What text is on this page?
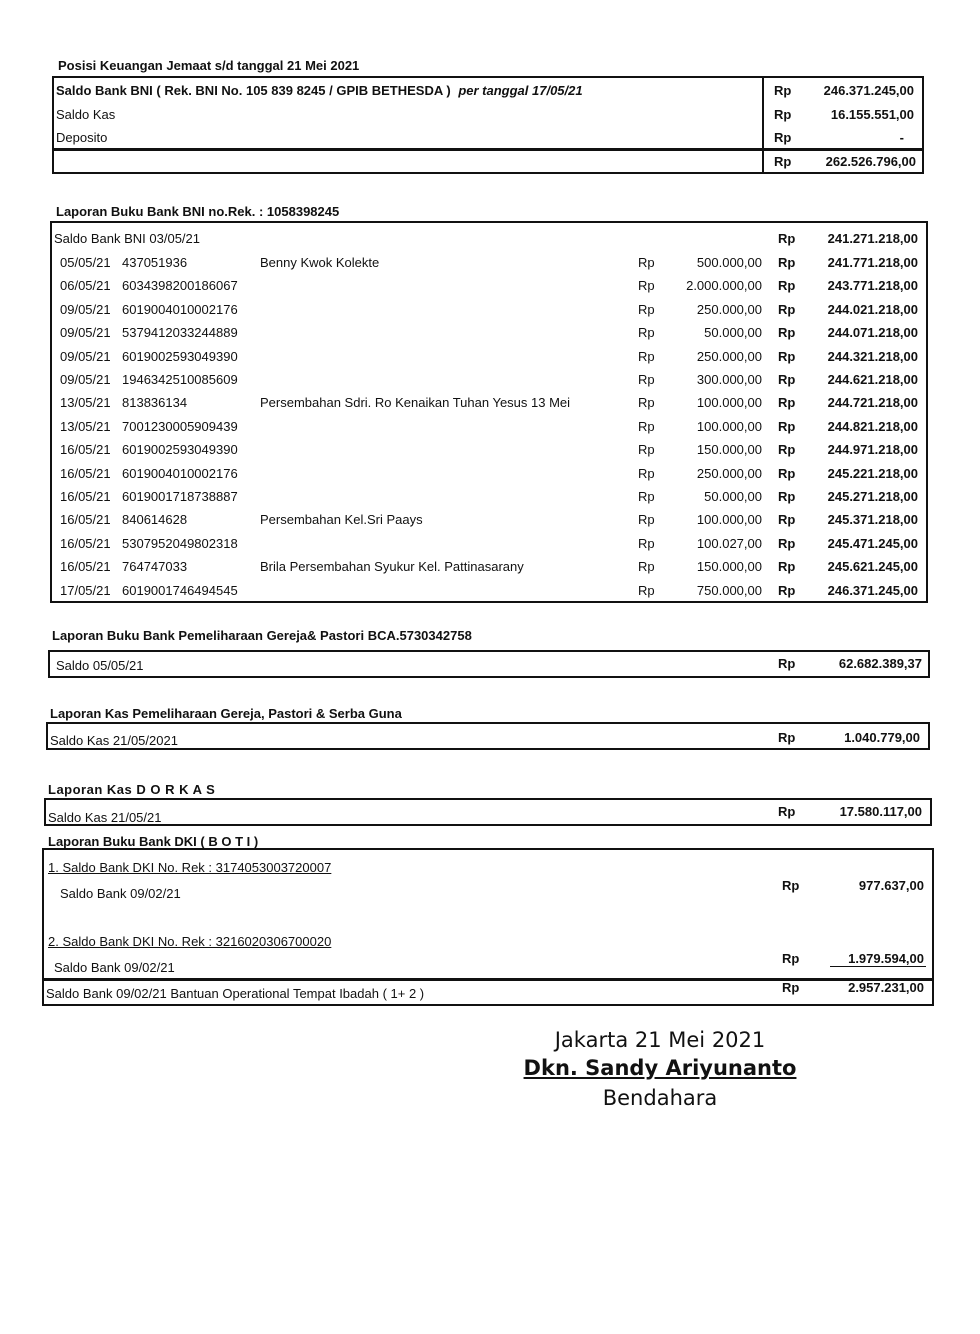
Posisi Keuangan Jemaat s/d tanggal 21 Mei 2021
Saldo Bank BNI ( Rek. BNI No. 105 839 8245 / GPIB BETHESDA ) per tanggal 17/05/21	Rp	246.371.245,00
Saldo Kas	Rp	16.155.551,00
Deposito	Rp	-
Rp	262.526.796,00
Laporan Buku Bank BNI no.Rek. : 1058398245
Saldo Bank BNI 03/05/21	Rp	241.271.218,00
05/05/21 437051936	Benny Kwok Kolekte	Rp	500.000,00 Rp	241.771.218,00
06/05/21 6034398200186067	Rp	2.000.000,00 Rp	243.771.218,00
09/05/21 6019004010002176	Rp	250.000,00 Rp	244.021.218,00
09/05/21 5379412033244889	Rp	50.000,00 Rp	244.071.218,00
09/05/21 6019002593049390	Rp	250.000,00 Rp	244.321.218,00
09/05/21 1946342510085609	Rp	300.000,00 Rp	244.621.218,00
13/05/21 813836134	Persembahan Sdri. Ro Kenaikan Tuhan Yesus 13 Mei	Rp	100.000,00 Rp	244.721.218,00
13/05/21 7001230005909439	Rp	100.000,00 Rp	244.821.218,00
16/05/21 6019002593049390	Rp	150.000,00 Rp	244.971.218,00
16/05/21 6019004010002176	Rp	250.000,00 Rp	245.221.218,00
16/05/21 6019001718738887	Rp	50.000,00 Rp	245.271.218,00
16/05/21 840614628	Persembahan Kel.Sri Paays	Rp	100.000,00 Rp	245.371.218,00
16/05/21 5307952049802318	Rp	100.027,00 Rp	245.471.245,00
16/05/21 764747033	Brila Persembahan Syukur Kel. Pattinasarany	Rp	150.000,00 Rp	245.621.245,00
17/05/21 6019001746494545	Rp	750.000,00 Rp	246.371.245,00
Laporan Buku Bank Pemeliharaan Gereja& Pastori BCA.5730342758
Saldo 05/05/21	Rp	62.682.389,37
Laporan Kas Pemeliharaan Gereja, Pastori & Serba Guna
Saldo Kas 21/05/2021	Rp	1.040.779,00
Laporan Kas D O R K A S
Saldo Kas 21/05/21	Rp	17.580.117,00
Laporan Buku Bank DKI ( B O T I )
1. Saldo Bank DKI No. Rek : 3174053003720007
Saldo Bank 09/02/21
Rp	977.637,00
2. Saldo Bank DKI No. Rek : 3216020306700020
Saldo Bank 09/02/21
Rp	1.979.594,00
Saldo Bank 09/02/21 Bantuan Operational Tempat Ibadah ( 1+ 2 )	Rp	2.957.231,00
Jakarta 21 Mei 2021
Dkn. Sandy Ariyunanto
Bendahara
